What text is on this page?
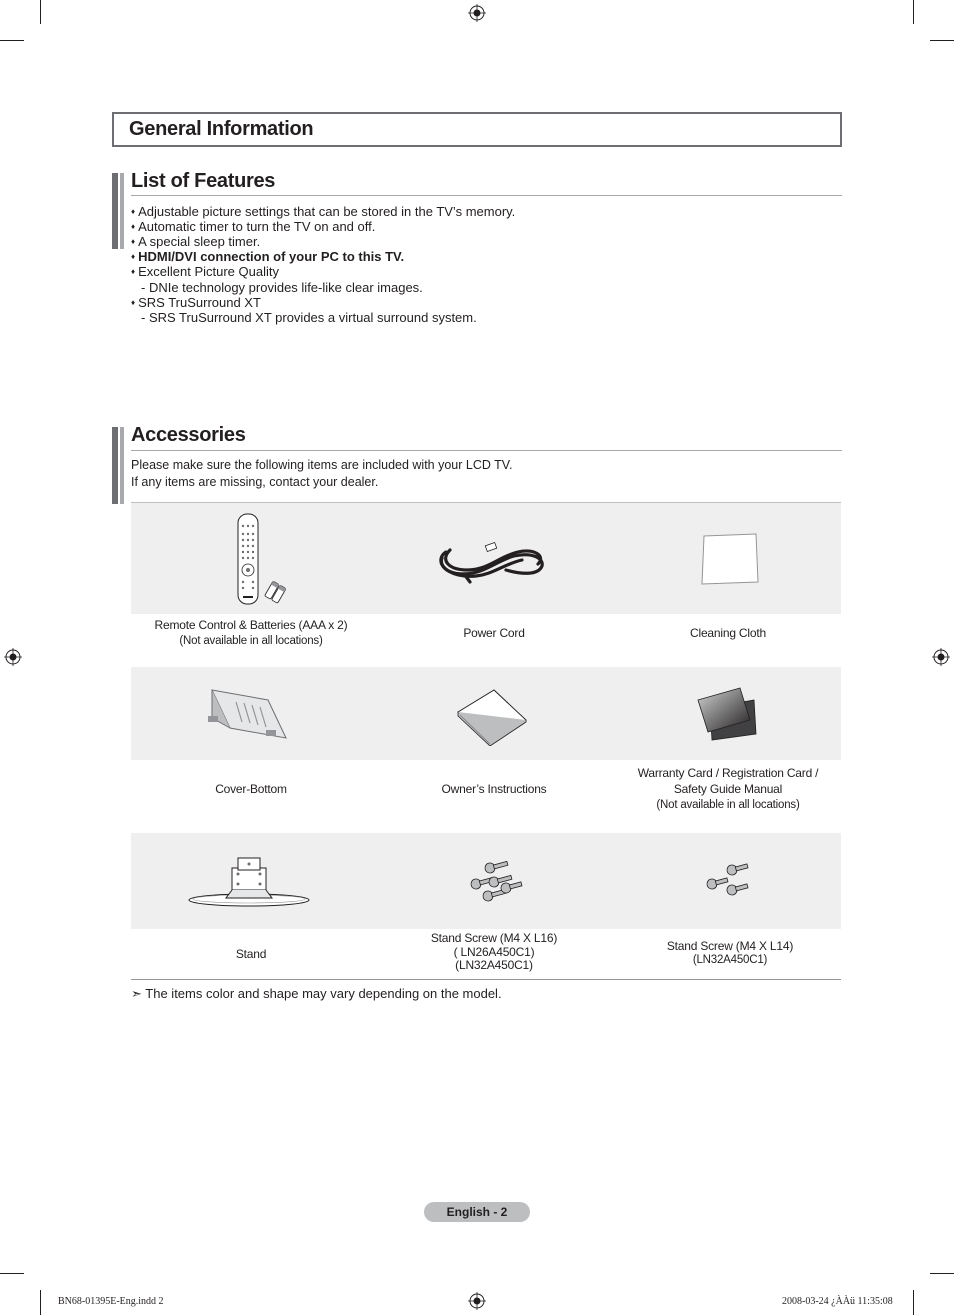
General Information
List of Features
♦ Adjustable picture settings that can be stored in the TV’s memory.
♦ Automatic timer to turn the TV on and off.
♦ A special sleep timer.
♦ HDMI/DVI connection of your PC to this TV.
♦ Excellent Picture Quality
- DNIe technology provides life-like clear images.
♦ SRS TruSurround XT
- SRS TruSurround XT provides a virtual surround system.
Accessories
Please make sure the following items are included with your LCD TV.
If any items are missing, contact your dealer.
Remote Control & Batteries (AAA x 2)
(Not available in all locations)
Power Cord	Cleaning Cloth
Cover-Bottom	Owner’s Instructions
Warranty Card / Registration Card /
Safety Guide Manual
(Not available in all locations)
Stand
Stand Screw (M4 X L16)
( LN26A450C1)
(LN32A450C1)
Stand Screw (M4 X L14)
(LN32A450C1)
➣ The items color and shape may vary depending on the model.
English - 2
BN68-01395E-Eng.indd 2	2008-03-24 ¿ÀÀü 11:35:08
